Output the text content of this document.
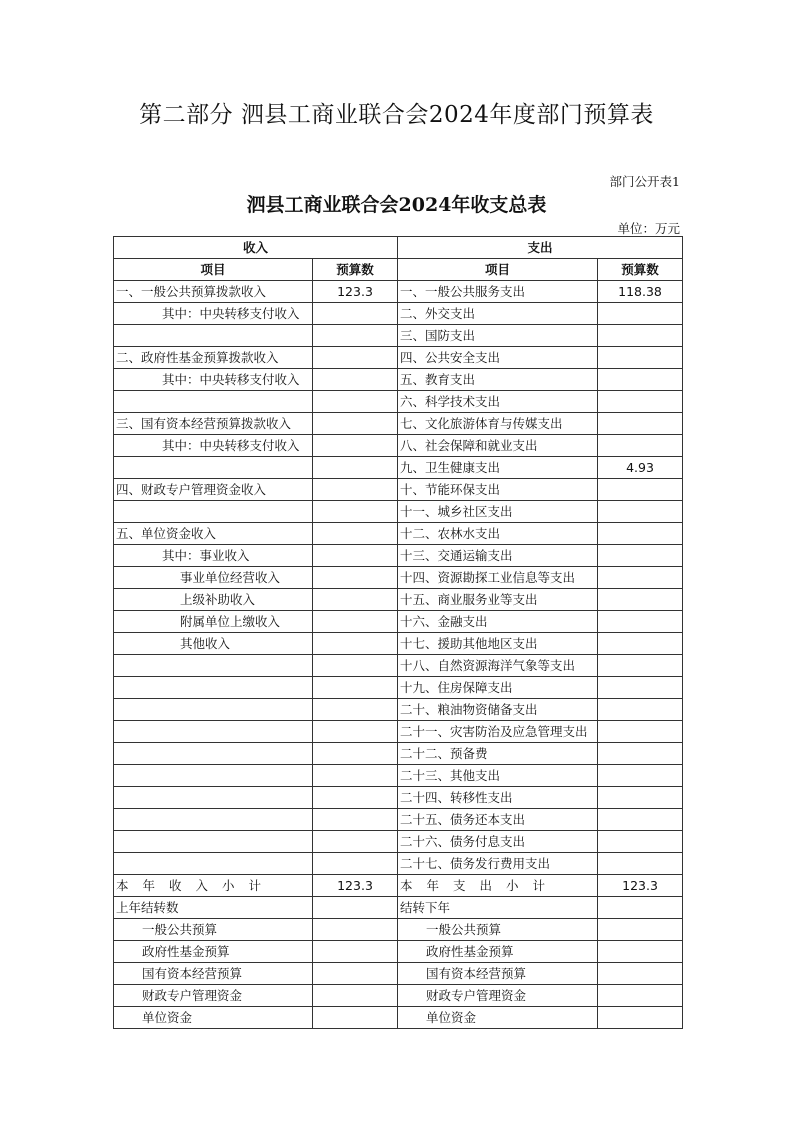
第二部分 泗县工商业联合会2024年度部门预算表
部门公开表1
泗县工商业联合会2024年收支总表
单位：万元
收入		支出	
项目	预算数	项目	预算数
一、一般公共预算拨款收入	123.3	一、一般公共服务支出	118.38
其中：中央转移支付收入		二、外交支出	
		三、国防支出	
二、政府性基金预算拨款收入		四、公共安全支出	
其中：中央转移支付收入		五、教育支出	
		六、科学技术支出	
三、国有资本经营预算拨款收入		七、文化旅游体育与传媒支出	
其中：中央转移支付收入		八、社会保障和就业支出	
		九、卫生健康支出	4.93
四、财政专户管理资金收入		十、节能环保支出	
		十一、城乡社区支出	
五、单位资金收入		十二、农林水支出	
其中：事业收入		十三、交通运输支出	
事业单位经营收入		十四、资源勘探工业信息等支出	
上级补助收入		十五、商业服务业等支出	
附属单位上缴收入		十六、金融支出	
其他收入		十七、援助其他地区支出	
		十八、自然资源海洋气象等支出	
		十九、住房保障支出	
		二十、粮油物资储备支出	
		二十一、灾害防治及应急管理支出	
		二十二、预备费	
		二十三、其他支出	
		二十四、转移性支出	
		二十五、债务还本支出	
		二十六、债务付息支出	
		二十七、债务发行费用支出	
本年收入小计	123.3	本年支出小计	123.3
上年结转数		结转下年	
一般公共预算		一般公共预算	
政府性基金预算		政府性基金预算	
国有资本经营预算		国有资本经营预算	
财政专户管理资金		财政专户管理资金	
单位资金		单位资金	
